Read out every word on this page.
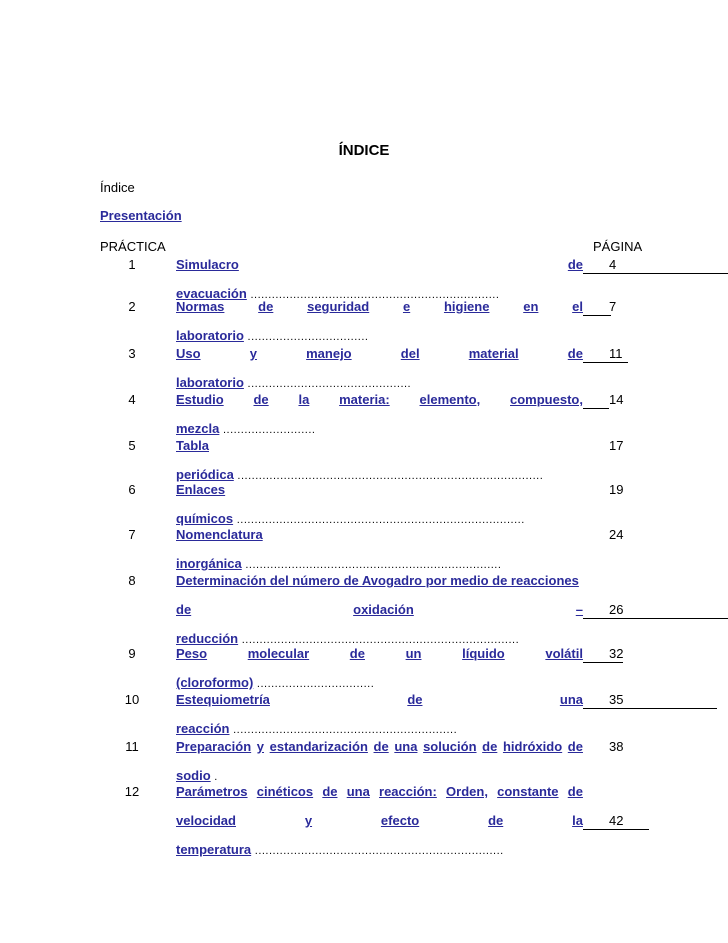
ÍNDICE
Índice
Presentación
PRÁCTICA	PÁGINA
1	Simulacro	de 4
evacuación ......................................................................
2	Normas	de	seguridad	e	higiene	en	el 7
laboratorio ..................................
3	Uso	y	manejo	del	material	de 11
laboratorio ..............................................
4	Estudio de la materia: elemento, compuesto, 14
mezcla ..........................
5	Tabla	17
periódica ......................................................................................
6	Enlaces	19
químicos .................................................................................
7	Nomenclatura	24
inorgánica ........................................................................
8	Determinación del número de Avogadro por medio de reacciones
de	oxidación	– 26
reducción ..............................................................................
9	Peso	molecular	de	un	líquido	volátil 32
(cloroformo) .................................
10	Estequiometría	de	una 35
reacción ...............................................................
11	Preparación y estandarización de una solución de hidróxido de 38
sodio .
12	Parámetros cinéticos de una reacción: Orden, constante de
velocidad	y	efecto	de	la 42
temperatura ......................................................................
